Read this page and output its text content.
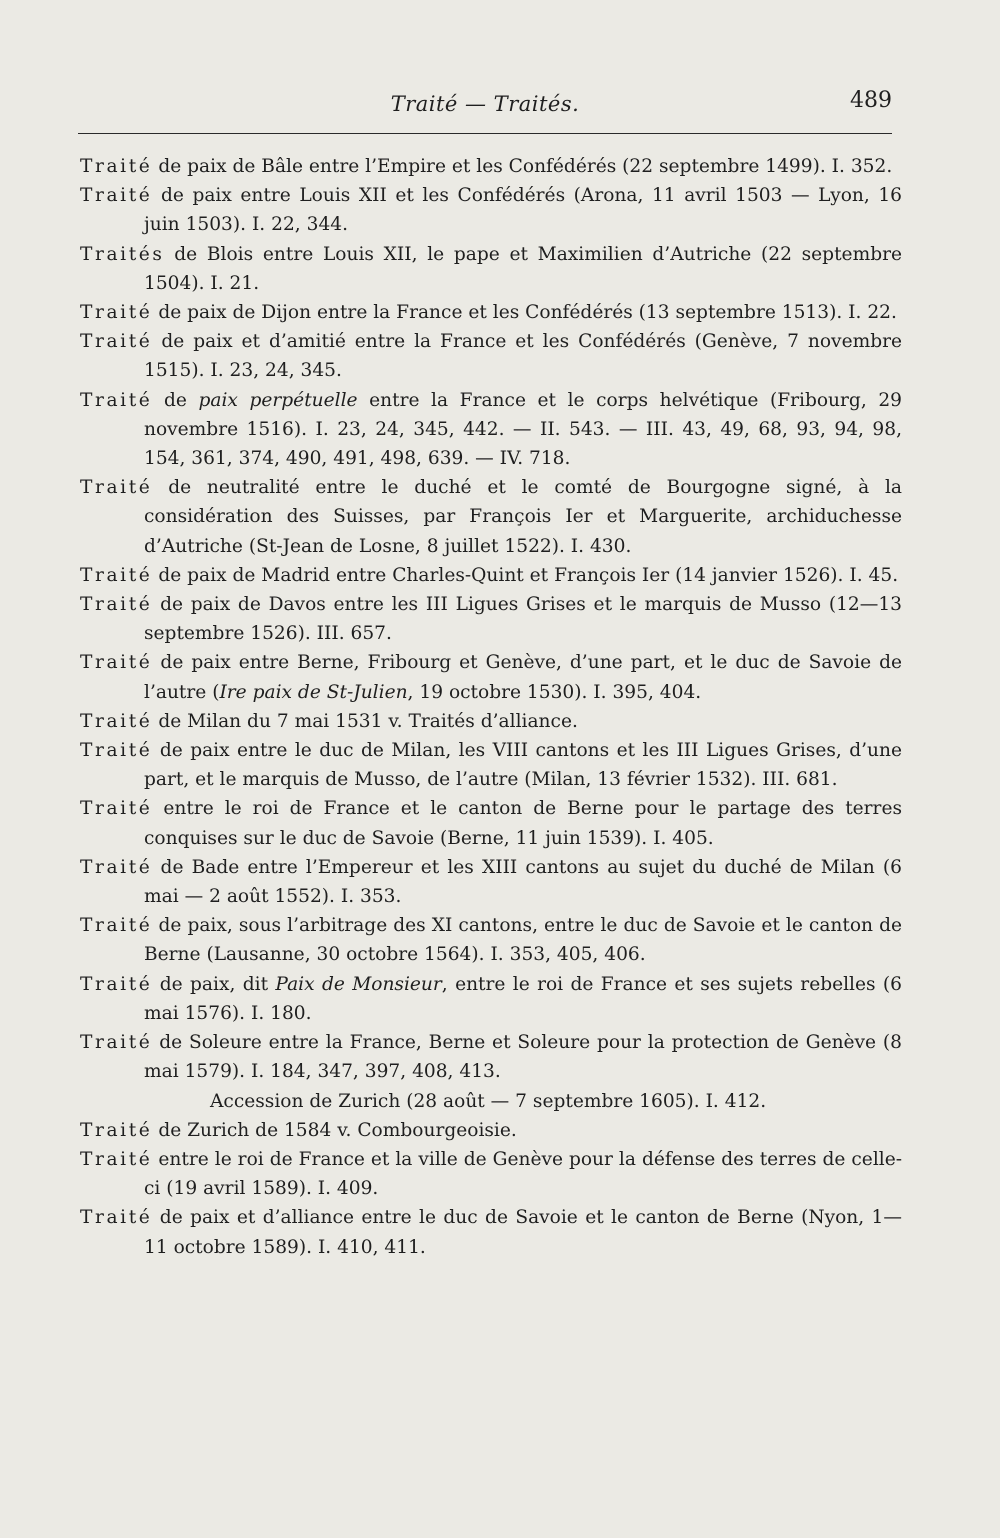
Traité — Traités.	489

Traité de paix de Bâle entre l’Empire et les Confédérés (22 septembre 1499). I. 352.

Traité de paix entre Louis XII et les Confédérés (Arona, 11 avril 1503 — Lyon, 16 juin 1503). I. 22, 344.

Traités de Blois entre Louis XII, le pape et Maximilien d’Autriche (22 septembre 1504). I. 21.

Traité de paix de Dijon entre la France et les Confédérés (13 septembre 1513). I. 22.

Traité de paix et d’amitié entre la France et les Confédérés (Genève, 7 novembre 1515). I. 23, 24, 345.

Traité de paix perpétuelle entre la France et le corps helvétique (Fribourg, 29 novembre 1516). I. 23, 24, 345, 442. — II. 543. — III. 43, 49, 68, 93, 94, 98, 154, 361, 374, 490, 491, 498, 639. — IV. 718.

Traité de neutralité entre le duché et le comté de Bourgogne signé, à la considération des Suisses, par François Ier et Marguerite, archiduchesse d’Autriche (St-Jean de Losne, 8 juillet 1522). I. 430.

Traité de paix de Madrid entre Charles-Quint et François Ier (14 janvier 1526). I. 45.

Traité de paix de Davos entre les III Ligues Grises et le marquis de Musso (12—13 septembre 1526). III. 657.

Traité de paix entre Berne, Fribourg et Genève, d’une part, et le duc de Savoie de l’autre (Ire paix de St-Julien, 19 octobre 1530). I. 395, 404.

Traité de Milan du 7 mai 1531 v. Traités d’alliance.

Traité de paix entre le duc de Milan, les VIII cantons et les III Ligues Grises, d’une part, et le marquis de Musso, de l’autre (Milan, 13 février 1532). III. 681.

Traité entre le roi de France et le canton de Berne pour le partage des terres conquises sur le duc de Savoie (Berne, 11 juin 1539). I. 405.

Traité de Bade entre l’Empereur et les XIII cantons au sujet du duché de Milan (6 mai — 2 août 1552). I. 353.

Traité de paix, sous l’arbitrage des XI cantons, entre le duc de Savoie et le canton de Berne (Lausanne, 30 octobre 1564). I. 353, 405, 406.

Traité de paix, dit Paix de Monsieur, entre le roi de France et ses sujets rebelles (6 mai 1576). I. 180.

Traité de Soleure entre la France, Berne et Soleure pour la protection de Genève (8 mai 1579). I. 184, 347, 397, 408, 413.

Accession de Zurich (28 août — 7 septembre 1605). I. 412.

Traité de Zurich de 1584 v. Combourgeoisie.

Traité entre le roi de France et la ville de Genève pour la défense des terres de celle-ci (19 avril 1589). I. 409.

Traité de paix et d’alliance entre le duc de Savoie et le canton de Berne (Nyon, 1—11 octobre 1589). I. 410, 411.
